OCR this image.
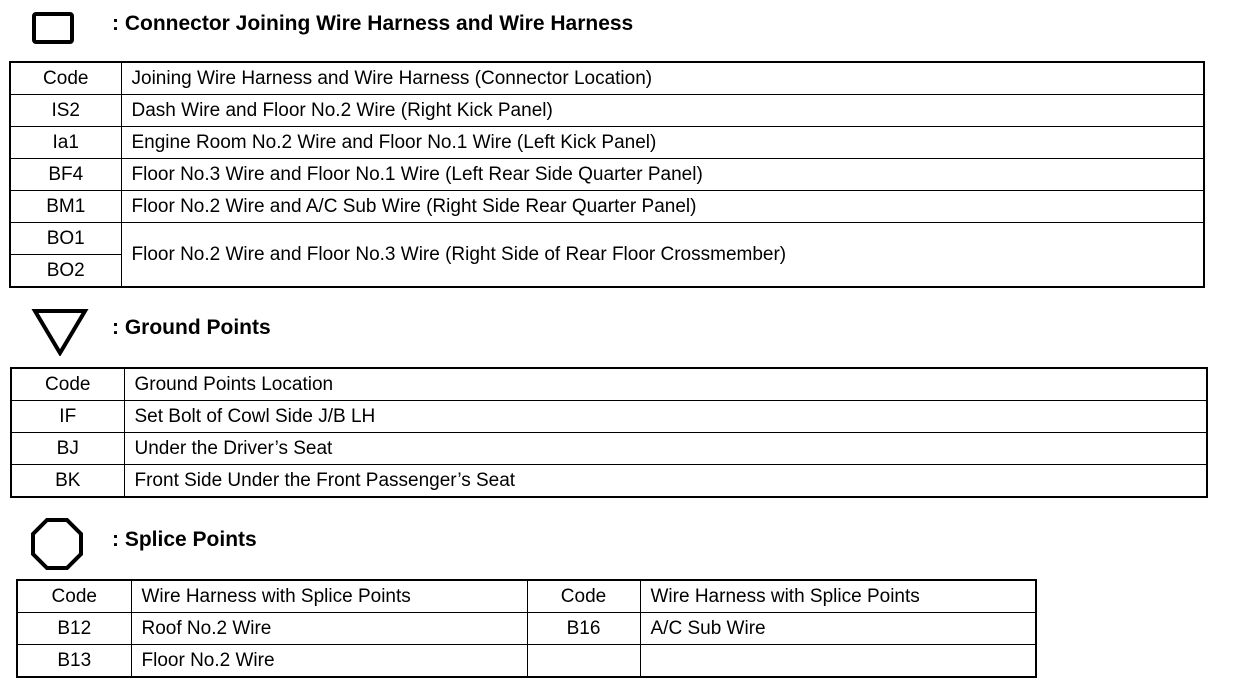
: Connector Joining Wire Harness and Wire Harness
Code	Joining Wire Harness and Wire Harness (Connector Location)
IS2	Dash Wire and Floor No.2 Wire (Right Kick Panel)
Ia1	Engine Room No.2 Wire and Floor No.1 Wire (Left Kick Panel)
BF4	Floor No.3 Wire and Floor No.1 Wire (Left Rear Side Quarter Panel)
BM1	Floor No.2 Wire and A/C Sub Wire (Right Side Rear Quarter Panel)
BO1	Floor No.2 Wire and Floor No.3 Wire (Right Side of Rear Floor Crossmember)
BO2	
: Ground Points
Code	Ground Points Location
IF	Set Bolt of Cowl Side J/B LH
BJ	Under the Driver’s Seat
BK	Front Side Under the Front Passenger’s Seat
: Splice Points
Code	Wire Harness with Splice Points	Code	Wire Harness with Splice Points
B12	Roof No.2 Wire	B16	A/C Sub Wire
B13	Floor No.2 Wire		
